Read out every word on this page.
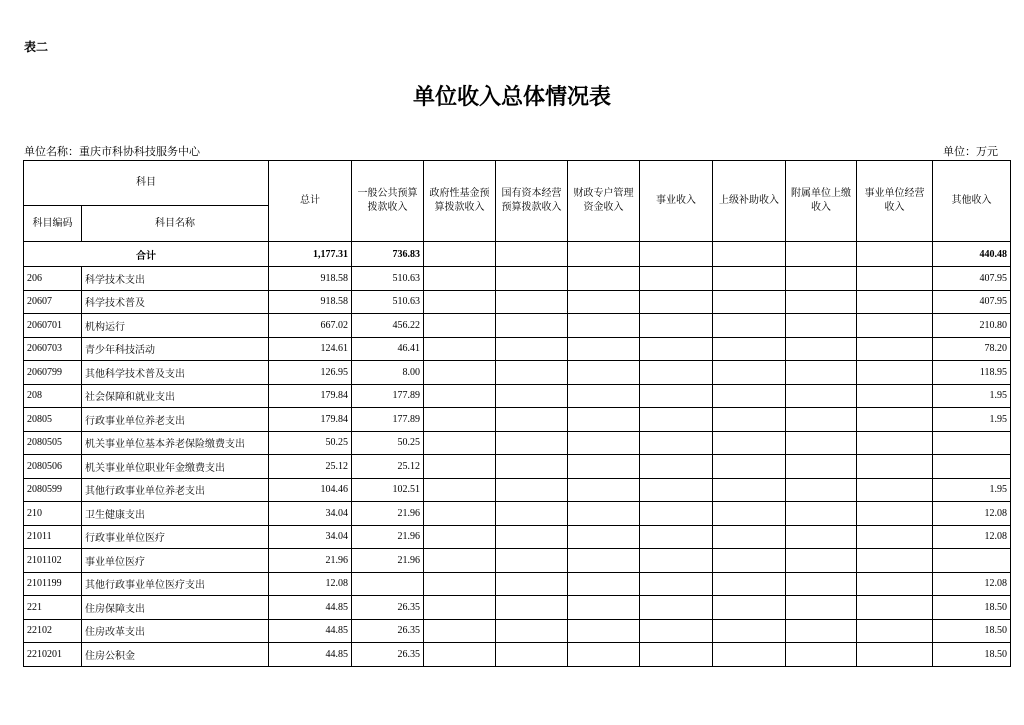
表二
单位收入总体情况表
单位名称：重庆市科协科技服务中心	单位：万元
科目		总计	一般公共预算拨款收入	政府性基金预算拨款收入	国有资本经营预算拨款收入	财政专户管理资金收入	事业收入	上级补助收入	附属单位上缴收入	事业单位经营收入	其他收入
科目编码	科目名称										
合计		1,177.31	736.83								440.48
206	科学技术支出	918.58	510.63								407.95
20607	科学技术普及	918.58	510.63								407.95
2060701	机构运行	667.02	456.22								210.80
2060703	青少年科技活动	124.61	46.41								78.20
2060799	其他科学技术普及支出	126.95	8.00								118.95
208	社会保障和就业支出	179.84	177.89								1.95
20805	行政事业单位养老支出	179.84	177.89								1.95
2080505	机关事业单位基本养老保险缴费支出	50.25	50.25								
2080506	机关事业单位职业年金缴费支出	25.12	25.12								
2080599	其他行政事业单位养老支出	104.46	102.51								1.95
210	卫生健康支出	34.04	21.96								12.08
21011	行政事业单位医疗	34.04	21.96								12.08
2101102	事业单位医疗	21.96	21.96								
2101199	其他行政事业单位医疗支出	12.08									12.08
221	住房保障支出	44.85	26.35								18.50
22102	住房改革支出	44.85	26.35								18.50
2210201	住房公积金	44.85	26.35								18.50
